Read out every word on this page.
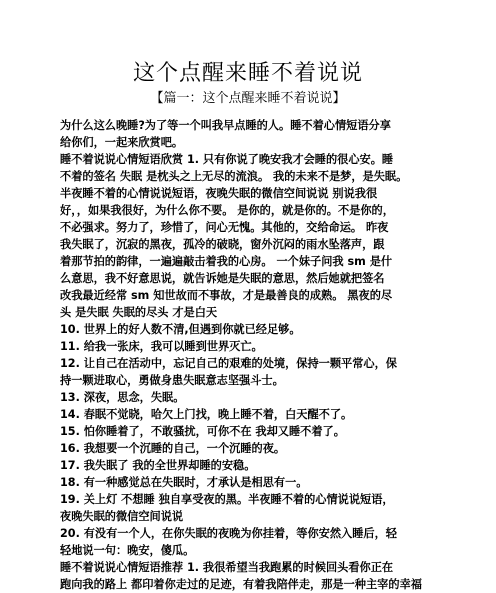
这个点醒来睡不着说说
【篇一：这个点醒来睡不着说说】

为什么这么晚睡?为了等一个叫我早点睡的人。睡不着心情短语分享

给你们，一起来欣赏吧。

睡不着说说心情短语欣赏 1. 只有你说了晚安我才会睡的很心安。睡

不着的签名 失眠 是枕头之上无尽的流浪。 我的未来不是梦，是失眠。

半夜睡不着的心情说说短语，夜晚失眠的微信空间说说 别说我很

好，，如果我很好，为什么你不要。 是你的，就是你的。不是你的，

不必强求。努力了，珍惜了，问心无愧。其他的，交给命运。 昨夜

我失眠了，沉寂的黑夜，孤冷的破晓，窗外沉闷的雨水坠落声，跟

着那节拍的韵律，一遍遍敲击着我的心房。 一个妹子问我 sm 是什

么意思，我不好意思说，就告诉她是失眠的意思，然后她就把签名

改我最近经常 sm 知世故而不事故，才是最善良的成熟。 黑夜的尽

头 是失眠 失眠的尽头 才是白天

10. 世界上的好人数不清,但遇到你就已经足够。

11. 给我一张床，我可以睡到世界灭亡。

12. 让自己在活动中，忘记自己的艰难的处境，保持一颗平常心，保

持一颗进取心，勇做身患失眠意志坚强斗士。

13. 深夜，思念，失眠。

14. 春眠不觉晓，哈欠上门找，晚上睡不着，白天醒不了。

15. 怕你睡着了，不敢骚扰，可你不在 我却又睡不着了。

16. 我想要一个沉睡的自己，一个沉睡的夜。

17. 我失眠了 我的全世界却睡的安稳。

18. 有一种感觉总在失眠时，才承认是相思有一。

19. 关上灯 不想睡 独自享受夜的黑。半夜睡不着的心情说说短语，

夜晚失眠的微信空间说说

20. 有没有一个人，在你失眠的夜晚为你挂着，等你安然入睡后，轻

轻地说一句：晚安，傻瓜。

睡不着说说心情短语推荐 1. 我很希望当我跑累的时候回头看你正在

跑向我的路上 都印着你走过的足迹，有着我陪伴走，那是一种主宰的幸福
